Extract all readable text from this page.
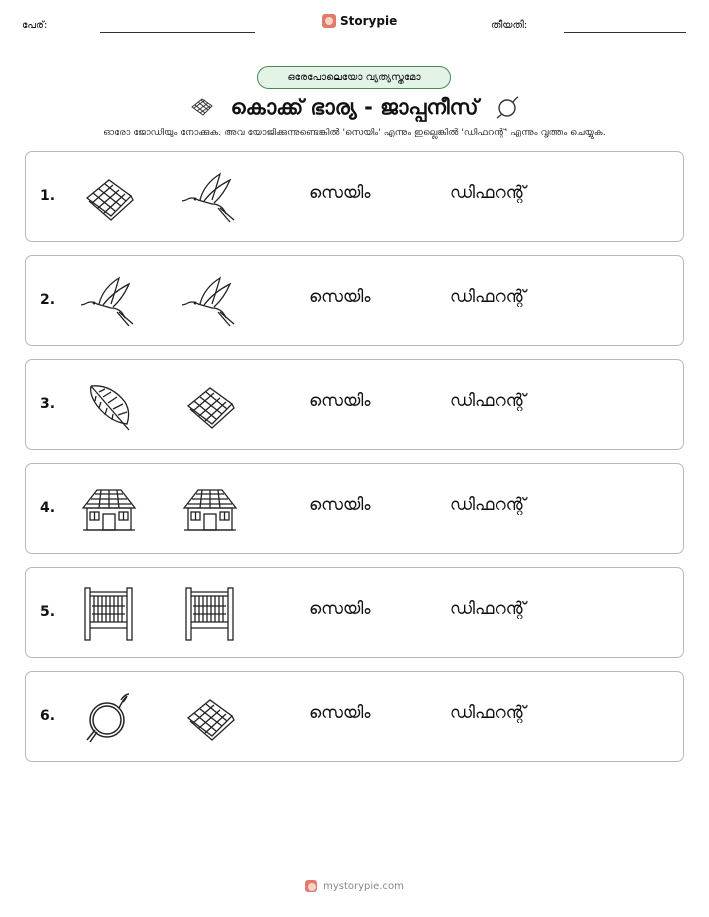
പേര്:	Storypie	തീയതി:
ഒരേപോലെയോ വ്യത്യസ്തമോ
കൊക്ക് ഭാര്യ - ജാപ്പനീസ്
ഓരോ ജോഡിയും നോക്കുക. അവ യോജിക്കുന്നുണ്ടെങ്കിൽ 'സെയിം' എന്നും ഇല്ലെങ്കിൽ 'ഡിഫറന്റ്' എന്നും വൃത്തം ചെയ്യുക.
1.	സെയിം	ഡിഫറന്റ്
2.	സെയിം	ഡിഫറന്റ്
3.	സെയിം	ഡിഫറന്റ്
4.	സെയിം	ഡിഫറന്റ്
5.	സെയിം	ഡിഫറന്റ്
6.	സെയിം	ഡിഫറന്റ്
mystorypie.com
